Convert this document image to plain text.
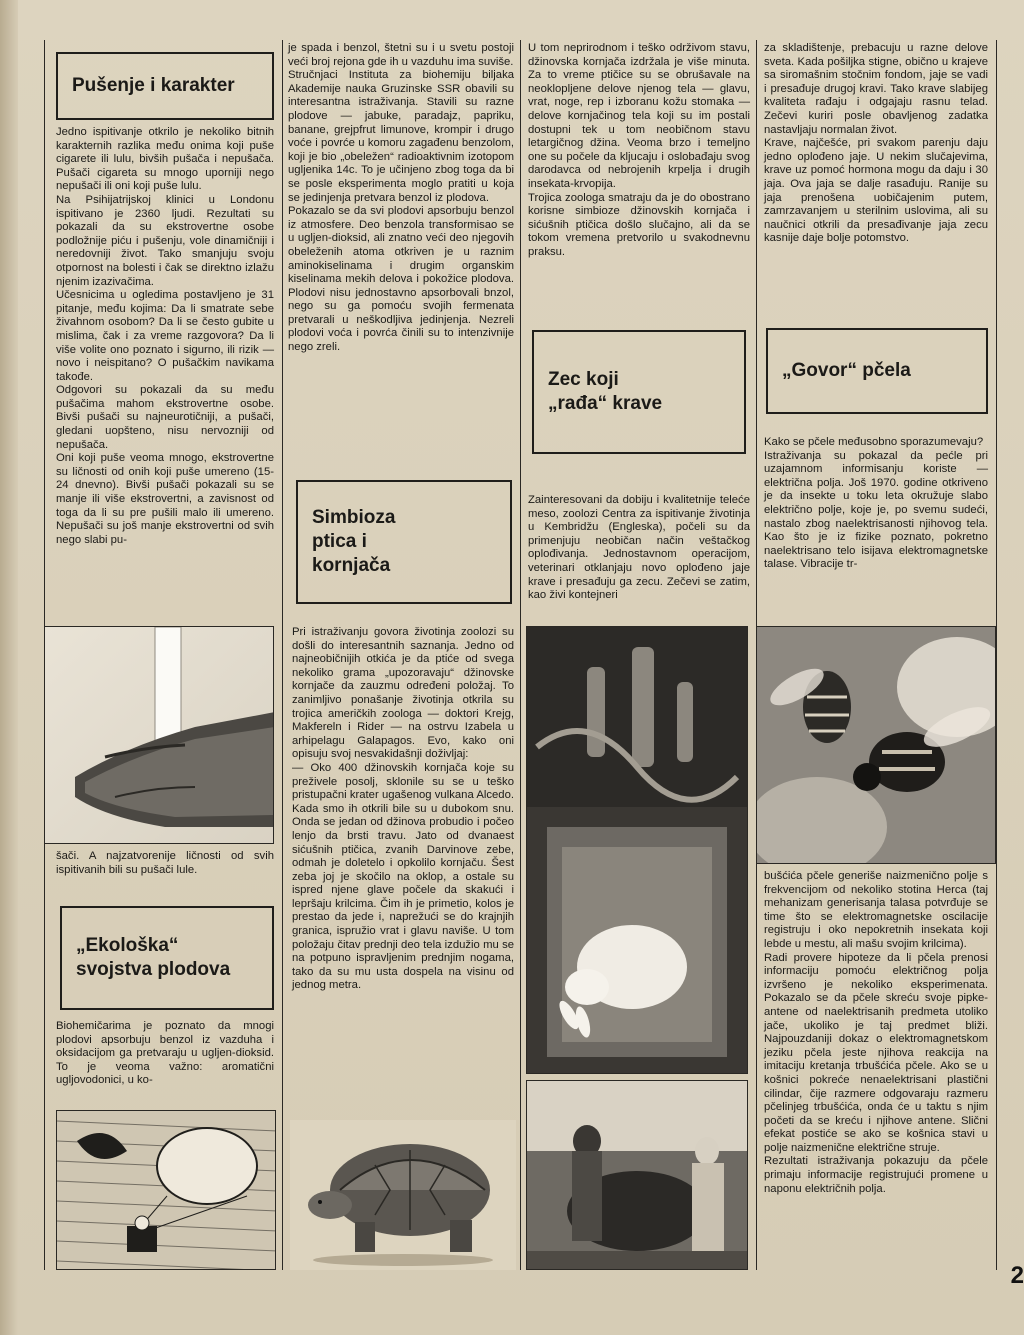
Pušenje i karakter

Jedno ispitivanje otkrilo je nekoliko bitnih karakternih razlika među onima koji puše cigarete ili lulu, bivših pušača i nepušača. Pušači cigareta su mnogo uporniji nego nepušači ili oni koji puše lulu.
Na Psihijatrijskoj klinici u Londonu ispitivano je 2360 ljudi. Rezultati su pokazali da su ekstrovertne osobe podložnije piću i pušenju, vole dinamičniji i neredovniji život. Tako smanjuju svoju otpornost na bolesti i čak se direktno izlažu njenim izazivačima.
Učesnicima u ogledima postavljeno je 31 pitanje, među kojima: Da li smatrate sebe živahnom osobom? Da li se često gubite u mislima, čak i za vreme razgovora? Da li više volite ono poznato i sigurno, ili rizik — novo i neispitano? O pušačkim navikama takođe.
Odgovori su pokazali da su među pušačima mahom ekstrovertne osobe. Bivši pušači su najneurotičniji, a pušači, gledani uopšteno, nisu nervozniji od nepušača.
Oni koji puše veoma mnogo, ekstrovertne su ličnosti od onih koji puše umereno (15-24 dnevno). Bivši pušači pokazali su se manje ili više ekstrovertni, a zavisnost od toga da li su pre pušili malo ili umereno. Nepušači su još manje ekstrovertni od svih nego slabi pu-

šači. A najzatvorenije ličnosti od svih ispitivanih bili su pušači lule.

„Ekološka“ svojstva plodova

Biohemičarima je poznato da mnogi plodovi apsorbuju benzol iz vazduha i oksidacijom ga pretvaraju u ugljen-dioksid. To je veoma važno: aromatični ugljovodonici, u ko-

je spada i benzol, štetni su i u svetu postoji veći broj rejona gde ih u vazduhu ima suviše.
Stručnjaci Instituta za biohemiju biljaka Akademije nauka Gruzinske SSR obavili su interesantna istraživanja. Stavili su razne plodove — jabuke, paradajz, papriku, banane, grejpfrut limunove, krompir i drugo voće i povrće u komoru zagađenu benzolom, koji je bio „obeležen“ radioaktivnim izotopom ugljenika 14c. To je učinjeno zbog toga da bi se posle eksperimenta moglo pratiti u koja se jedinjenja pretvara benzol iz plodova.
Pokazalo se da svi plodovi apsorbuju benzol iz atmosfere. Deo benzola transformisao se u ugljen-dioksid, ali znatno veći deo njegovih obeleženih atoma otkriven je u raznim aminokiselinama i drugim organskim kiselinama mekih delova i pokožice plodova. Plodovi nisu jednostavno apsorbovali bnzol, nego su ga pomoću svojih fermenata pretvarali u neškodljiva jedinjenja. Nezreli plodovi voća i povrća činili su to intenzivnije nego zreli.

Simbioza ptica i kornjača

Pri istraživanju govora životinja zoolozi su došli do interesantnih saznanja. Jedno od najneobičnijih otkića je da ptiće od svega nekoliko grama „upozoravaju“ džinovske kornjače da zauzmu određeni položaj. To zanimljivo ponašanje životinja otkrila su trojica američkih zoologa — doktori Krejg, Makfereln i Rider — na ostrvu Izabela u arhipelagu Galapagos. Evo, kako oni opisuju svoj nesvakidašnji doživljaj:
— Oko 400 džinovskih kornjača koje su preživele posolj, sklonile su se u teško pristupačni krater ugašenog vulkana Alcedo. Kada smo ih otkrili bile su u dubokom snu. Onda se jedan od džinova probudio i počeo lenjo da brsti travu. Jato od dvanaest sićušnih ptičica, zvanih Darvinove zebe, odmah je doletelo i opkolilo kornjaču. Šest zeba joj je skočilo na oklop, a ostale su ispred njene glave počele da skakući i lepršaju krilcima. Čim ih je primetio, kolos je prestao da jede i, naprežući se do krajnjih granica, ispružio vrat i glavu naviše. U tom položaju čitav prednji deo tela izdužio mu se na potpuno ispravljenim prednjim nogama, tako da su mu usta dospela na visinu od jednog metra.

U tom neprirodnom i teško održivom stavu, džinovska kornjača izdržala je više minuta. Za to vreme ptičice su se obrušavale na neoklopljene delove njenog tela — glavu, vrat, noge, rep i izboranu kožu stomaka — delove kornjačinog tela koji su im postali dostupni tek u tom neobičnom stavu letargičnog džina. Veoma brzo i temeljno one su počele da kljucaju i oslobađaju svog darodavca od nebrojenih krpelja i drugih insekata-krvopija.
Trojica zoologa smatraju da je do obostrano korisne simbioze džinovskih kornjača i sićušnih ptičica došlo slučajno, ali da se tokom vremena pretvorilo u svakodnevnu praksu.

Zec koji „rađa“ krave

Zainteresovani da dobiju i kvalitetnije teleće meso, zoolozi Centra za ispitivanje životinja u Kembridžu (Engleska), počeli su da primenjuju neobičan način veštačkog oplođivanja. Jednostavnom operacijom, veterinari otklanjaju novo oplođeno jaje krave i presađuju ga zecu. Zečevi se zatim, kao živi kontejneri

za skladištenje, prebacuju u razne delove sveta. Kada pošiljka stigne, obično u krajeve sa siromašnim stočnim fondom, jaje se vadi i presađuje drugoj kravi. Tako krave slabijeg kvaliteta rađaju i odgajaju rasnu telad. Zečevi kuriri posle obavljenog zadatka nastavljaju normalan život.
Krave, najčešće, pri svakom parenju daju jedno oplođeno jaje. U nekim slučajevima, krave uz pomoć hormona mogu da daju i 30 jaja. Ova jaja se dalje rasađuju. Ranije su jaja prenošena uobičajenim putem, zamrzavanjem u sterilnim uslovima, ali su naučnici otkrili da presađivanje jaja zecu kasnije daje bolje potomstvo.

„Govor“ pčela

Kako se pčele međusobno sporazumevaju?
Istraživanja su pokazal da pećle pri uzajamnom informisanju koriste — električna polja. Još 1970. godine otkriveno je da insekte u toku leta okružuje slabo električno polje, koje je, po svemu sudeći, nastalo zbog naelektrisanosti njihovog tela. Kao što je iz fizike poznato, pokretno naelektrisano telo isijava elektromagnetske talase. Vibracije tr-

bušćića pčele generiše naizmenično polje s frekvencijom od nekoliko stotina Herca (taj mehanizam generisanja talasa potvrđuje se time što se elektromagnetske oscilacije registruju i oko nepokretnih insekata koji lebde u mestu, ali mašu svojim krilcima).
Radi provere hipoteze da li pčela prenosi informaciju pomoću električnog polja izvršeno je nekoliko eksperimenata. Pokazalo se da pčele skreću svoje pipke-antene od naelektrisanih predmeta utoliko jače, ukoliko je taj predmet bliži. Najpouzdaniji dokaz o elektromagnetskom jeziku pčela jeste njihova reakcija na imitaciju kretanja trbušćića pčele. Ako se u košnici pokreće nenaelektrisani plastični cilindar, čije razmere odgovaraju razmeru pčelinjeg trbušćića, onda će u taktu s njim početi da se kreću i njihove antene. Slični efekat postiće se ako se košnica stavi u polje naizmenične električne struje.
Rezultati istraživanja pokazuju da pčele primaju informacije registrujući promene u naponu električnih polja.

2
